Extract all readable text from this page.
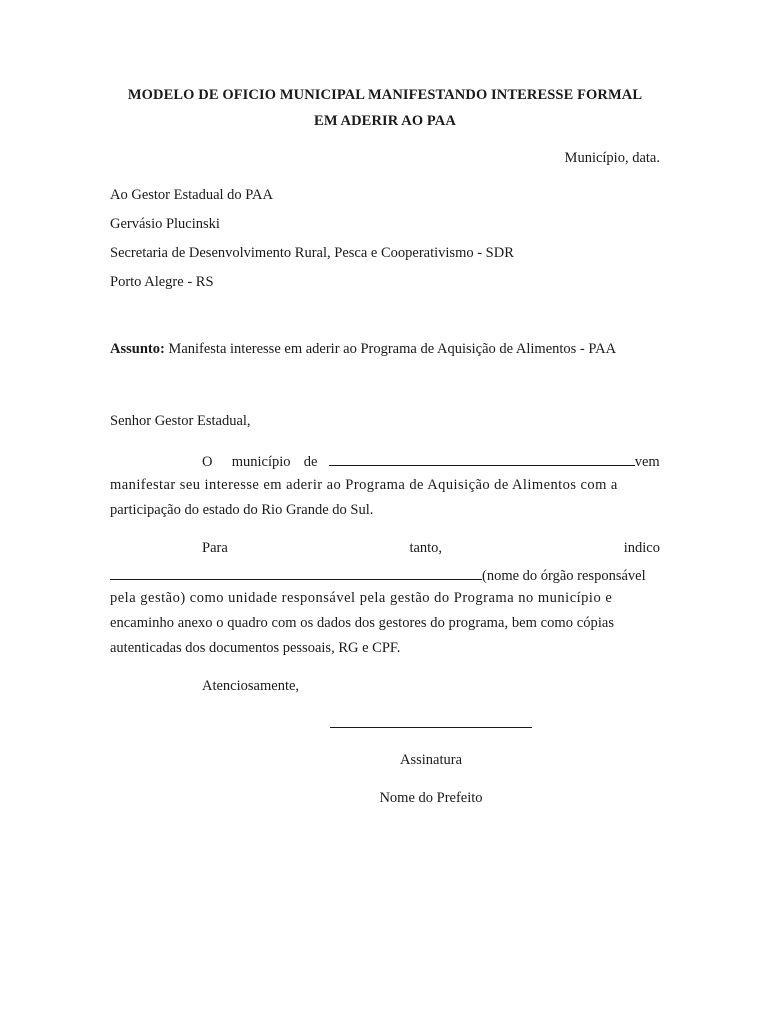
MODELO DE OFICIO MUNICIPAL MANIFESTANDO INTERESSE FORMAL
EM ADERIR AO PAA
Município, data.
Ao Gestor Estadual do PAA
Gervásio Plucinski
Secretaria de Desenvolvimento Rural, Pesca e Cooperativismo - SDR
Porto Alegre - RS
Assunto: Manifesta interesse em aderir ao Programa de Aquisição de Alimentos - PAA
Senhor Gestor Estadual,
O município de	vem
manifestar seu interesse em aderir ao Programa de Aquisição de Alimentos com a
participação do estado do Rio Grande do Sul.
Para	tanto,	indico
(nome do órgão responsável
pela gestão) como unidade responsável pela gestão do Programa no município e
encaminho anexo o quadro com os dados dos gestores do programa, bem como cópias
autenticadas dos documentos pessoais, RG e CPF.
Atenciosamente,
Assinatura
Nome do Prefeito
